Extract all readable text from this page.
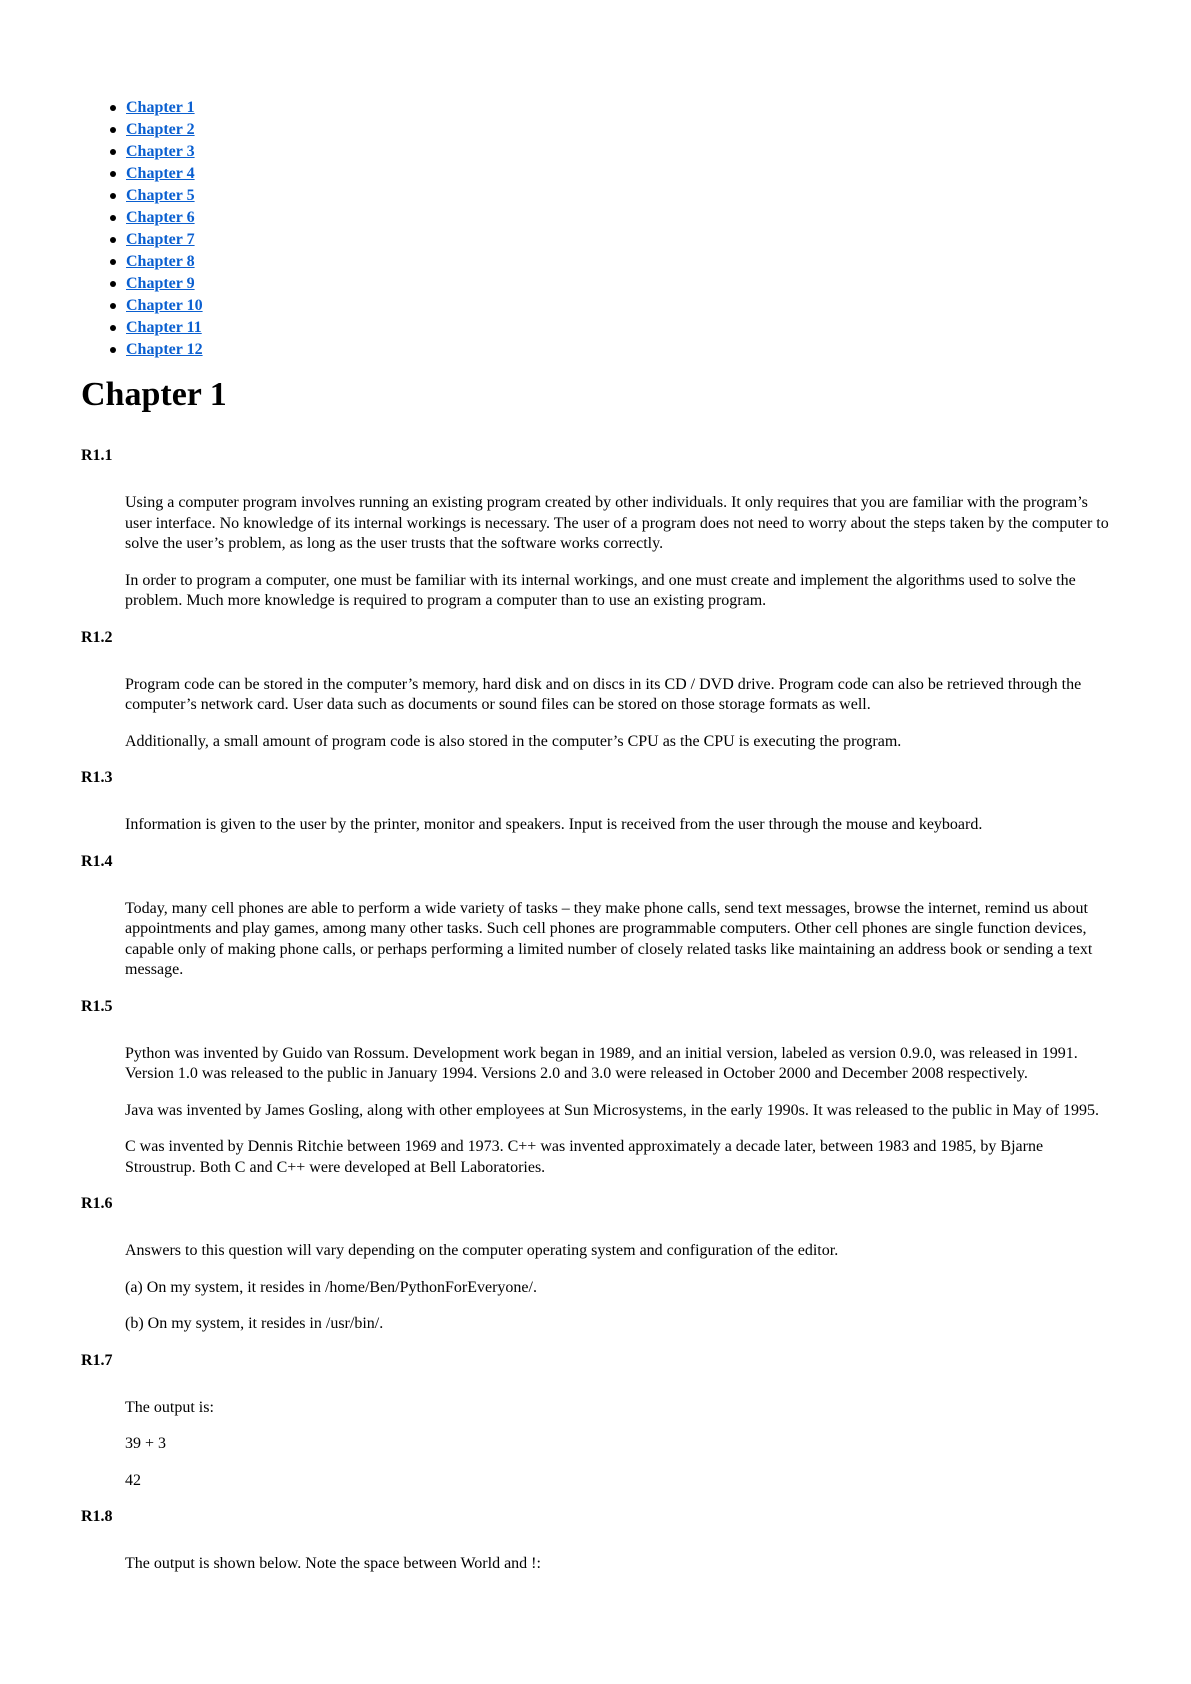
Chapter 1
Chapter 2
Chapter 3
Chapter 4
Chapter 5
Chapter 6
Chapter 7
Chapter 8
Chapter 9
Chapter 10
Chapter 11
Chapter 12
Chapter 1
R1.1

Using a computer program involves running an existing program created by other individuals. It only requires that you are familiar with the program’s user interface. No knowledge of its internal workings is necessary. The user of a program does not need to worry about the steps taken by the computer to solve the user’s problem, as long as the user trusts that the software works correctly.

In order to program a computer, one must be familiar with its internal workings, and one must create and implement the algorithms used to solve the problem. Much more knowledge is required to program a computer than to use an existing program.

R1.2

Program code can be stored in the computer’s memory, hard disk and on discs in its CD / DVD drive. Program code can also be retrieved through the computer’s network card. User data such as documents or sound files can be stored on those storage formats as well.

Additionally, a small amount of program code is also stored in the computer’s CPU as the CPU is executing the program.

R1.3

Information is given to the user by the printer, monitor and speakers. Input is received from the user through the mouse and keyboard.

R1.4

Today, many cell phones are able to perform a wide variety of tasks – they make phone calls, send text messages, browse the internet, remind us about appointments and play games, among many other tasks. Such cell phones are programmable computers. Other cell phones are single function devices, capable only of making phone calls, or perhaps performing a limited number of closely related tasks like maintaining an address book or sending a text message.

R1.5

Python was invented by Guido van Rossum. Development work began in 1989, and an initial version, labeled as version 0.9.0, was released in 1991. Version 1.0 was released to the public in January 1994. Versions 2.0 and 3.0 were released in October 2000 and December 2008 respectively.

Java was invented by James Gosling, along with other employees at Sun Microsystems, in the early 1990s. It was released to the public in May of 1995.

C was invented by Dennis Ritchie between 1969 and 1973. C++ was invented approximately a decade later, between 1983 and 1985, by Bjarne Stroustrup. Both C and C++ were developed at Bell Laboratories.

R1.6

Answers to this question will vary depending on the computer operating system and configuration of the editor.

(a) On my system, it resides in /home/Ben/PythonForEveryone/.

(b) On my system, it resides in /usr/bin/.

R1.7

The output is:

39 + 3

42

R1.8

The output is shown below. Note the space between World and !:
